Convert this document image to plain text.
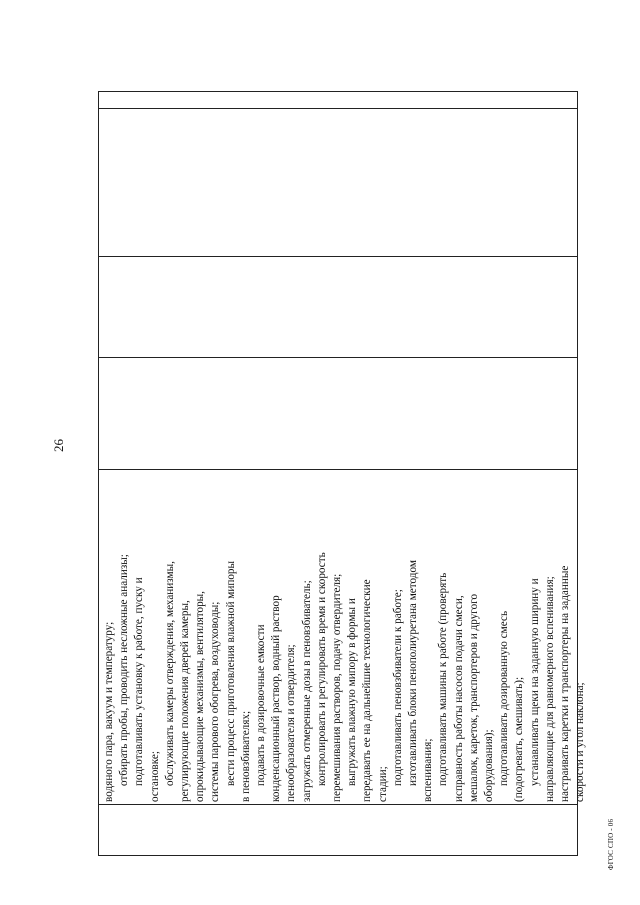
26
водяного пара, вакуум и температуру; отбирать пробы, проводить несложные анализы; подготавливать установку к работе, пуску и остановке; обслуживать камеры отверждения, механизмы, регулирующие положения дверей камеры, опрокидывающие механизмы, вентиляторы, системы парового обогрева, воздуховоды; вести процесс приготовления влажной мипоры в пеновзбивателях; подавать в дозировочные емкости конденсационный раствор, водный раствор пенообразователя и отвердителя; загружать отмеренные дозы в пеновзбиватель; контролировать и регулировать время и скорость перемешивания растворов, подачу отвердителя; выгружать влажную мипору в формы и передавать ее на дальнейшие технологические стадии; подготавливать пеновзбиватели к работе; изготавливать блоки пенополиуретана методом вспенивания; подготавливать машины к работе (проверять исправность работы насосов подачи смеси, мешалок, кареток, транспортеров и другого оборудования); подготавливать дозированную смесь (подогревать, смешивать); устанавливать щеки на заданную ширину и направляющие для равномерного вспенивания; настраивать каретки и транспортеры на заданные скорости и угол наклона;
ФГОС СПО - 06
